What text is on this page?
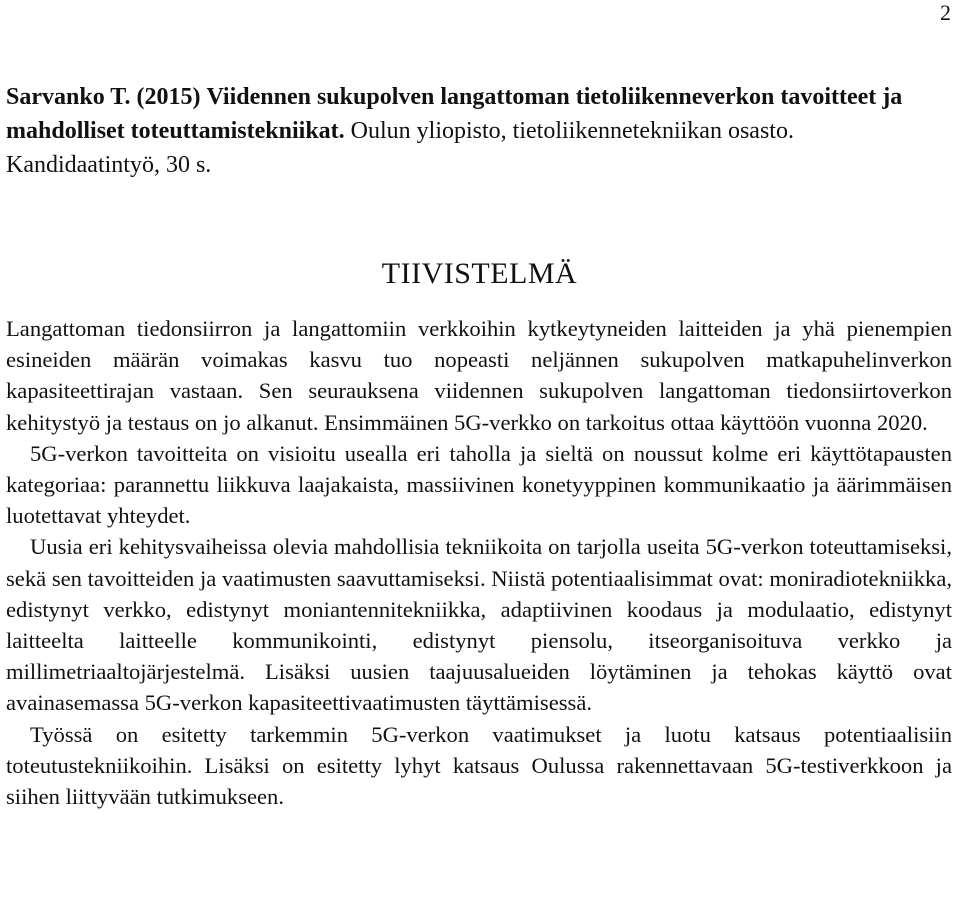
2
Sarvanko T. (2015) Viidennen sukupolven langattoman tietoliikenneverkon tavoitteet ja mahdolliset toteuttamistekniikat. Oulun yliopisto, tietoliikennetekniikan osasto. Kandidaatintyö, 30 s.
TIIVISTELMÄ

Langattoman tiedonsiirron ja langattomiin verkkoihin kytkeytyneiden laitteiden ja yhä pienempien esineiden määrän voimakas kasvu tuo nopeasti neljännen sukupolven matkapuhelinverkon kapasiteettirajan vastaan. Sen seurauksena viidennen sukupolven langattoman tiedonsiirtoverkon kehitystyö ja testaus on jo alkanut. Ensimmäinen 5G-verkko on tarkoitus ottaa käyttöön vuonna 2020.

5G-verkon tavoitteita on visioitu usealla eri taholla ja sieltä on noussut kolme eri käyttötapausten kategoriaa: parannettu liikkuva laajakaista, massiivinen konetyyppinen kommunikaatio ja äärimmäisen luotettavat yhteydet.

Uusia eri kehitysvaiheissa olevia mahdollisia tekniikoita on tarjolla useita 5G-verkon toteuttamiseksi, sekä sen tavoitteiden ja vaatimusten saavuttamiseksi. Niistä potentiaalisimmat ovat: moniradiotekniikka, edistynyt verkko, edistynyt moniantennitekniikka, adaptiivinen koodaus ja modulaatio, edistynyt laitteelta laitteelle kommunikointi, edistynyt piensolu, itseorganisoituva verkko ja millimetriaaltojärjestelmä. Lisäksi uusien taajuusalueiden löytäminen ja tehokas käyttö ovat avainasemassa 5G-verkon kapasiteettivaatimusten täyttämisessä.

Työssä on esitetty tarkemmin 5G-verkon vaatimukset ja luotu katsaus potentiaalisiin toteutustekniikoihin. Lisäksi on esitetty lyhyt katsaus Oulussa rakennettavaan 5G-testiverkkoon ja siihen liittyvään tutkimukseen.
